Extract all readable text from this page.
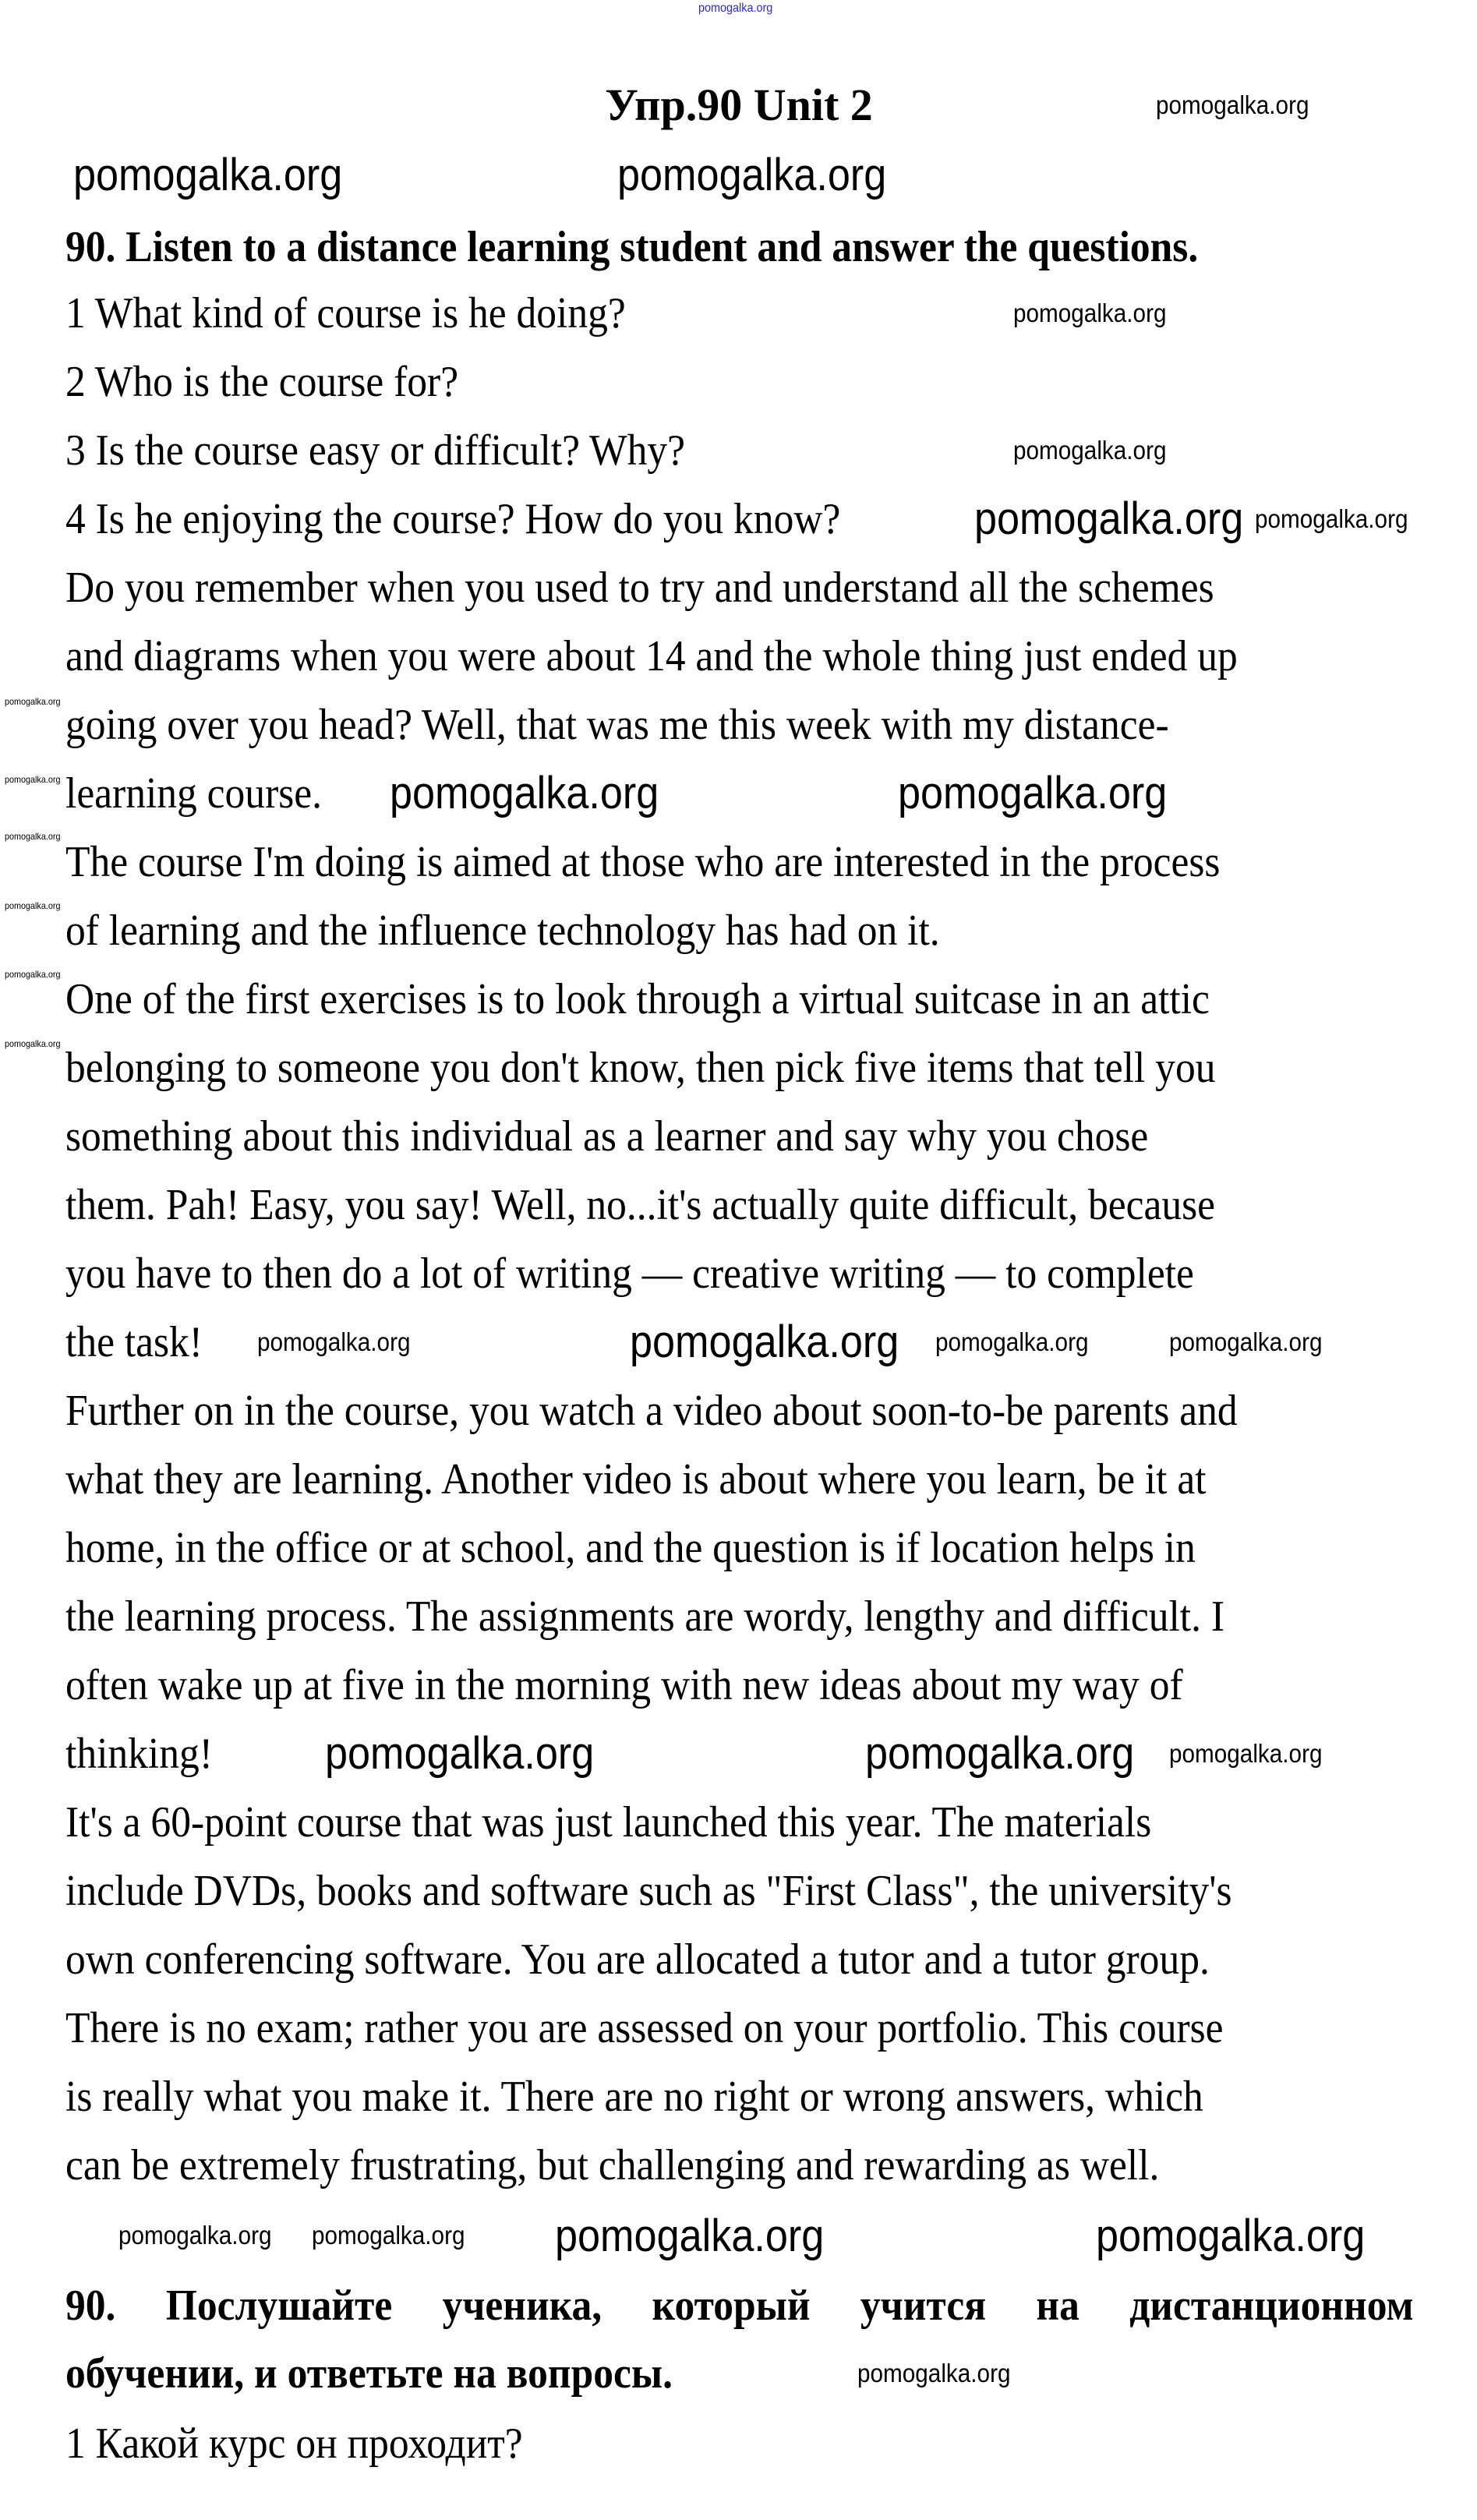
pomogalka.org
Упр.90 Unit 2
90. Listen to a distance learning student and answer the questions.
1 What kind of course is he doing?
2 Who is the course for?
3 Is the course easy or difficult? Why?
4 Is he enjoying the course? How do you know?
Do you remember when you used to try and understand all the schemes
and diagrams when you were about 14 and the whole thing just ended up
going over you head? Well, that was me this week with my distance-
learning course.
The course I'm doing is aimed at those who are interested in the process
of learning and the influence technology has had on it.
One of the first exercises is to look through a virtual suitcase in an attic
belonging to someone you don't know, then pick five items that tell you
something about this individual as a learner and say why you chose
them. Pah! Easy, you say! Well, no...it's actually quite difficult, because
you have to then do a lot of writing — creative writing — to complete
the task!
Further on in the course, you watch a video about soon-to-be parents and
what they are learning. Another video is about where you learn, be it at
home, in the office or at school, and the question is if location helps in
the learning process. The assignments are wordy, lengthy and difficult. I
often wake up at five in the morning with new ideas about my way of
thinking!
It's a 60-point course that was just launched this year. The materials
include DVDs, books and software such as "First Class", the university's
own conferencing software. You are allocated a tutor and a tutor group.
There is no exam; rather you are assessed on your portfolio. This course
is really what you make it. There are no right or wrong answers, which
can be extremely frustrating, but challenging and rewarding as well.
90. Послушайте ученика, который учится на дистанционном
обучении, и ответьте на вопросы.
1 Какой курс он проходит?
pomogalka.org
pomogalka.org	pomogalka.org
pomogalka.org
pomogalka.org
pomogalka.org pomogalka.org
pomogalka.org
pomogalka.org
pomogalka.org
pomogalka.org
pomogalka.org
pomogalka.org
pomogalka.org	pomogalka.org
pomogalka.org
pomogalka.org	pomogalka.org pomogalka.org
pomogalka.org
pomogalka.org	pomogalka.org
pomogalka.org pomogalka.org pomogalka.org	pomogalka.org
pomogalka.org
